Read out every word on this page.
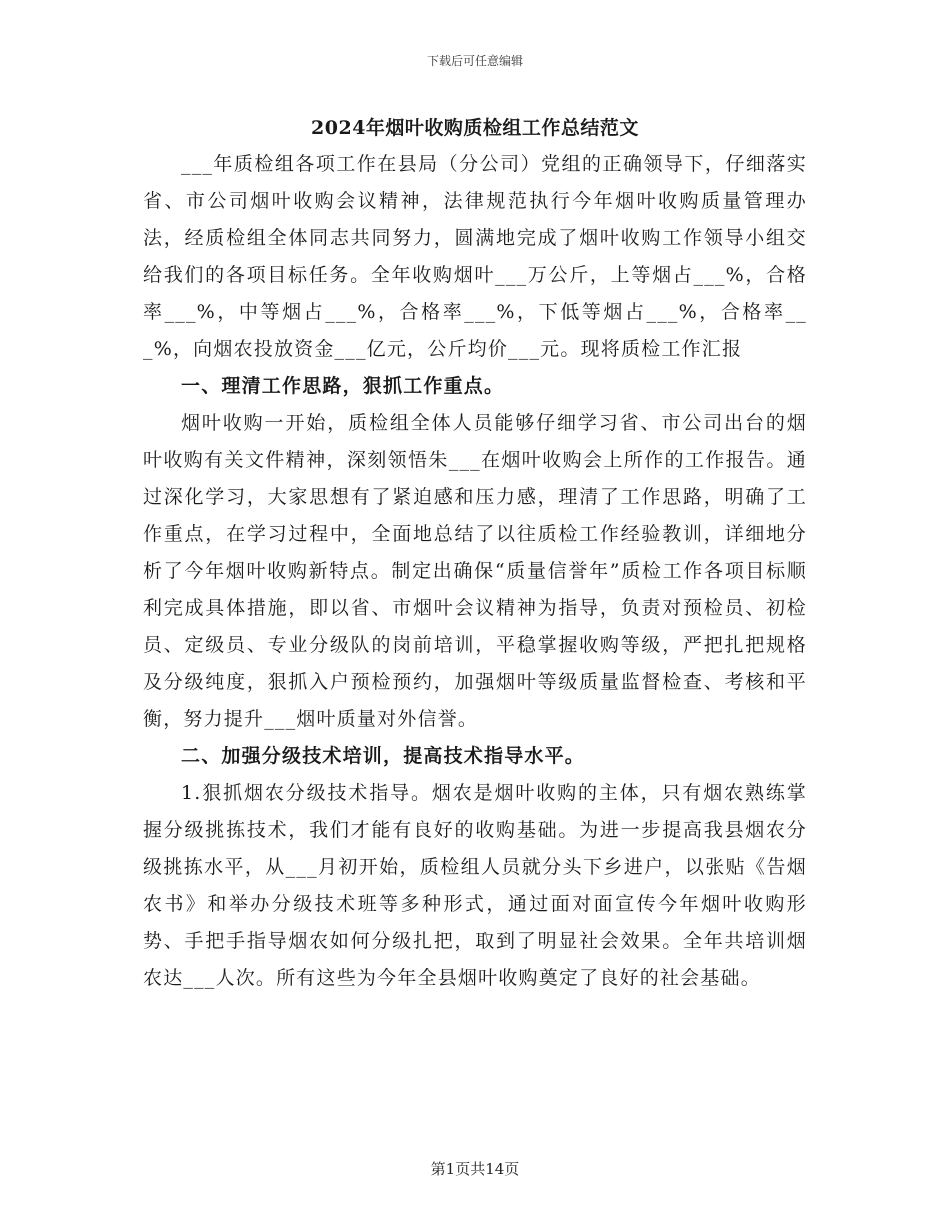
下载后可任意编辑
2024年烟叶收购质检组工作总结范文

___年质检组各项工作在县局（分公司）党组的正确领导下，仔细落实省、市公司烟叶收购会议精神，法律规范执行今年烟叶收购质量管理办法，经质检组全体同志共同努力，圆满地完成了烟叶收购工作领导小组交给我们的各项目标任务。全年收购烟叶___万公斤，上等烟占___%，合格率___%，中等烟占___%，合格率___%，下低等烟占___%，合格率___%，向烟农投放资金___亿元，公斤均价___元。现将质检工作汇报

一、理清工作思路，狠抓工作重点。

烟叶收购一开始，质检组全体人员能够仔细学习省、市公司出台的烟叶收购有关文件精神，深刻领悟朱___在烟叶收购会上所作的工作报告。通过深化学习，大家思想有了紧迫感和压力感，理清了工作思路，明确了工作重点，在学习过程中，全面地总结了以往质检工作经验教训，详细地分析了今年烟叶收购新特点。制定出确保“质量信誉年”质检工作各项目标顺利完成具体措施，即以省、市烟叶会议精神为指导，负责对预检员、初检员、定级员、专业分级队的岗前培训，平稳掌握收购等级，严把扎把规格及分级纯度，狠抓入户预检预约，加强烟叶等级质量监督检查、考核和平衡，努力提升___烟叶质量对外信誉。

二、加强分级技术培训，提高技术指导水平。

1.狠抓烟农分级技术指导。烟农是烟叶收购的主体，只有烟农熟练掌握分级挑拣技术，我们才能有良好的收购基础。为进一步提高我县烟农分级挑拣水平，从___月初开始，质检组人员就分头下乡进户，以张贴《告烟农书》和举办分级技术班等多种形式，通过面对面宣传今年烟叶收购形势、手把手指导烟农如何分级扎把，取到了明显社会效果。全年共培训烟农达___人次。所有这些为今年全县烟叶收购奠定了良好的社会基础。

第1页共14页
